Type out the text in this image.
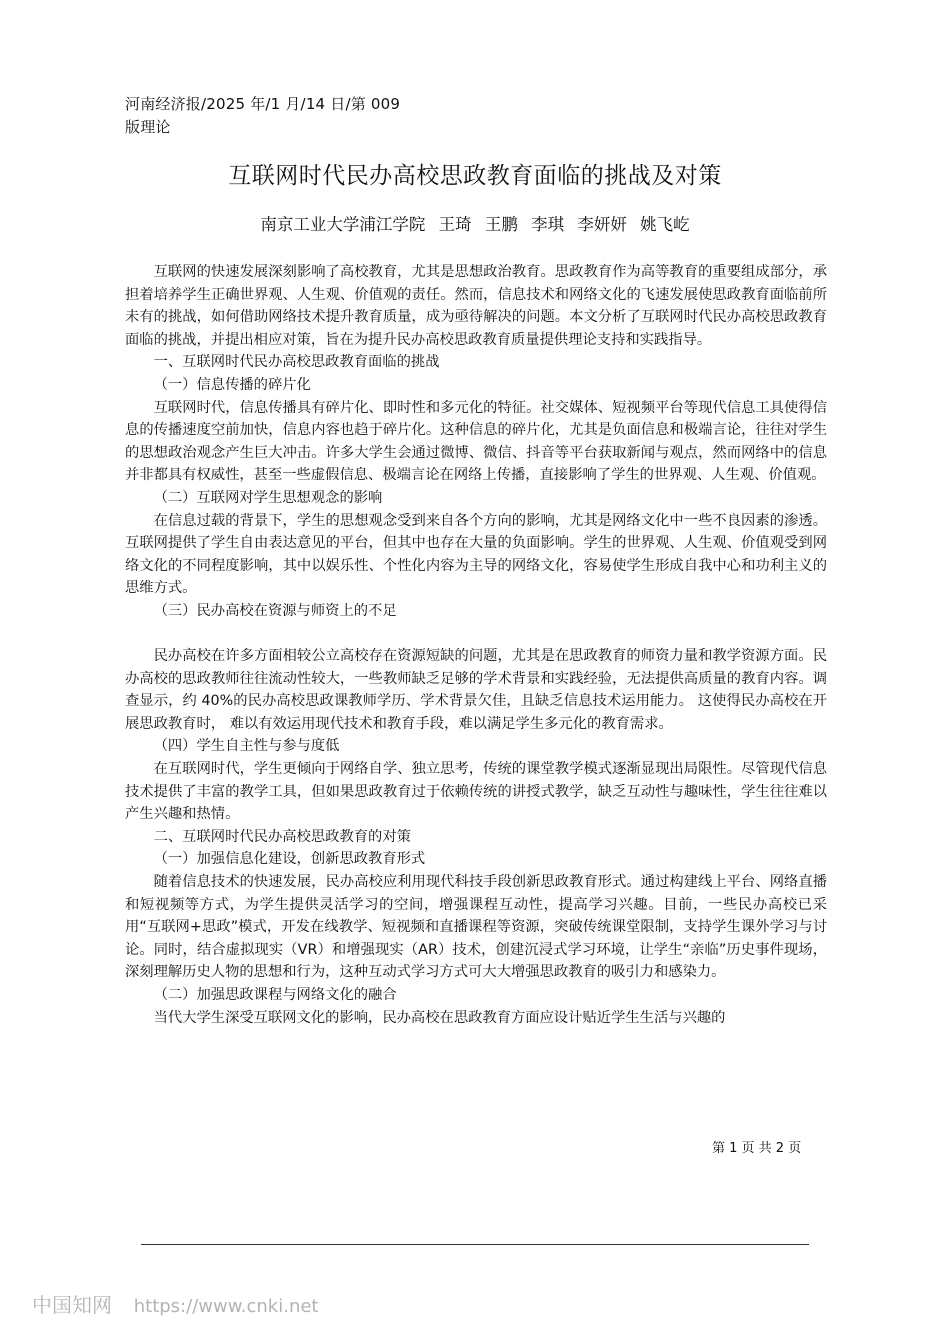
河南经济报/2025 年/1 月/14 日/第 009
版理论
互联网时代民办高校思政教育面临的挑战及对策
南京工业大学浦江学院 王琦 王鹏 李琪 李妍妍 姚飞屹

互联网的快速发展深刻影响了高校教育，尤其是思想政治教育。思政教育作为高等教育的重要组成部分，承担着培养学生正确世界观、人生观、价值观的责任。然而，信息技术和网络文化的飞速发展使思政教育面临前所未有的挑战，如何借助网络技术提升教育质量，成为亟待解决的问题。本文分析了互联网时代民办高校思政教育面临的挑战，并提出相应对策，旨在为提升民办高校思政教育质量提供理论支持和实践指导。

一、互联网时代民办高校思政教育面临的挑战

（一）信息传播的碎片化

互联网时代，信息传播具有碎片化、即时性和多元化的特征。社交媒体、短视频平台等现代信息工具使得信息的传播速度空前加快，信息内容也趋于碎片化。这种信息的碎片化，尤其是负面信息和极端言论，往往对学生的思想政治观念产生巨大冲击。许多大学生会通过微博、微信、抖音等平台获取新闻与观点，然而网络中的信息并非都具有权威性，甚至一些虚假信息、极端言论在网络上传播，直接影响了学生的世界观、人生观、价值观。

（二）互联网对学生思想观念的影响

在信息过载的背景下，学生的思想观念受到来自各个方向的影响，尤其是网络文化中一些不良因素的渗透。互联网提供了学生自由表达意见的平台，但其中也存在大量的负面影响。学生的世界观、人生观、价值观受到网络文化的不同程度影响，其中以娱乐性、个性化内容为主导的网络文化，容易使学生形成自我中心和功利主义的思维方式。

（三）民办高校在资源与师资上的不足

民办高校在许多方面相较公立高校存在资源短缺的问题，尤其是在思政教育的师资力量和教学资源方面。民办高校的思政教师往往流动性较大，一些教师缺乏足够的学术背景和实践经验，无法提供高质量的教育内容。调查显示，约 40%的民办高校思政课教师学历、学术背景欠佳，且缺乏信息技术运用能力。 这使得民办高校在开展思政教育时， 难以有效运用现代技术和教育手段，难以满足学生多元化的教育需求。

（四）学生自主性与参与度低

在互联网时代，学生更倾向于网络自学、独立思考，传统的课堂教学模式逐渐显现出局限性。尽管现代信息技术提供了丰富的教学工具，但如果思政教育过于依赖传统的讲授式教学，缺乏互动性与趣味性，学生往往难以产生兴趣和热情。

二、互联网时代民办高校思政教育的对策

（一）加强信息化建设，创新思政教育形式

随着信息技术的快速发展，民办高校应利用现代科技手段创新思政教育形式。通过构建线上平台、网络直播和短视频等方式，为学生提供灵活学习的空间，增强课程互动性，提高学习兴趣。目前，一些民办高校已采用“互联网+思政”模式，开发在线教学、短视频和直播课程等资源，突破传统课堂限制，支持学生课外学习与讨论。同时，结合虚拟现实（VR）和增强现实（AR）技术，创建沉浸式学习环境，让学生“亲临”历史事件现场，深刻理解历史人物的思想和行为，这种互动式学习方式可大大增强思政教育的吸引力和感染力。

（二）加强思政课程与网络文化的融合

当代大学生深受互联网文化的影响，民办高校在思政教育方面应设计贴近学生生活与兴趣的

第 1 页 共 2 页
中国知网 https://www.cnki.net
